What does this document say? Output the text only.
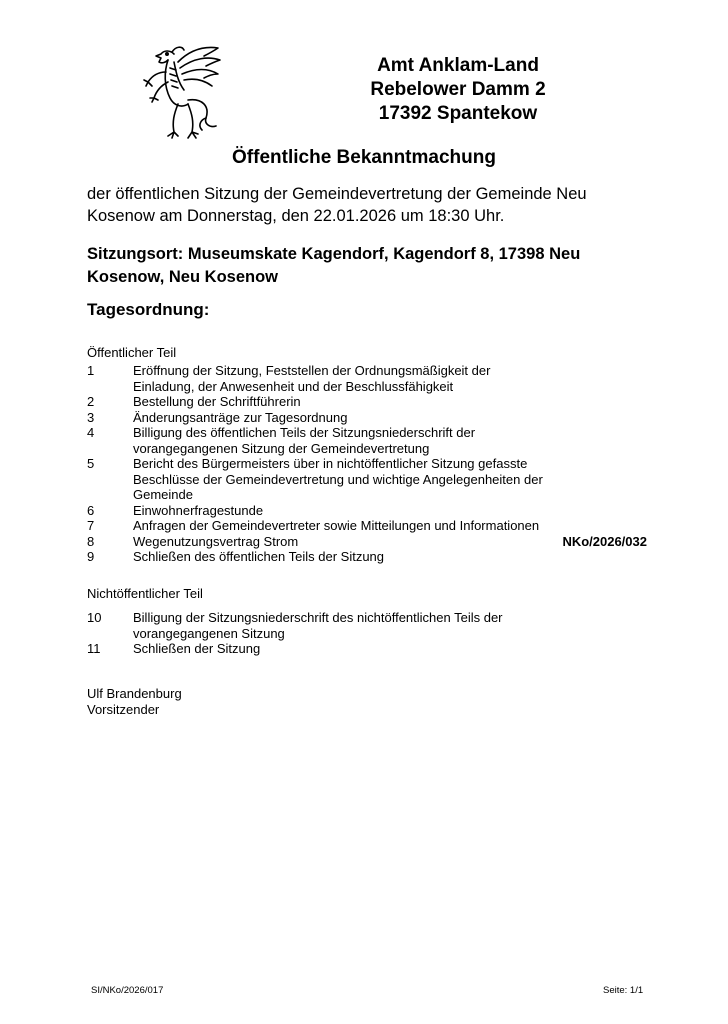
Amt Anklam-Land
Rebelower Damm 2
17392 Spantekow
Öffentliche Bekanntmachung
der öffentlichen Sitzung der Gemeindevertretung der Gemeinde Neu Kosenow am Donnerstag, den 22.01.2026 um 18:30 Uhr.
Sitzungsort: Museumskate Kagendorf, Kagendorf 8, 17398 Neu Kosenow, Neu Kosenow
Tagesordnung:
Öffentlicher Teil
1	Eröffnung der Sitzung, Feststellen der Ordnungsmäßigkeit der Einladung, der Anwesenheit und der Beschlussfähigkeit
2	Bestellung der Schriftführerin
3	Änderungsanträge zur Tagesordnung
4	Billigung des öffentlichen Teils der Sitzungsniederschrift der vorangegangenen Sitzung der Gemeindevertretung
5	Bericht des Bürgermeisters über in nichtöffentlicher Sitzung gefasste Beschlüsse der Gemeindevertretung und wichtige Angelegenheiten der Gemeinde
6	Einwohnerfragestunde
7	Anfragen der Gemeindevertreter sowie Mitteilungen und Informationen
8	Wegenutzungsvertrag Strom	NKo/2026/032
9	Schließen des öffentlichen Teils der Sitzung
Nichtöffentlicher Teil
10	Billigung der Sitzungsniederschrift des nichtöffentlichen Teils der vorangegangenen Sitzung
11	Schließen der Sitzung
Ulf Brandenburg
Vorsitzender
SI/NKo/2026/017	Seite: 1/1
